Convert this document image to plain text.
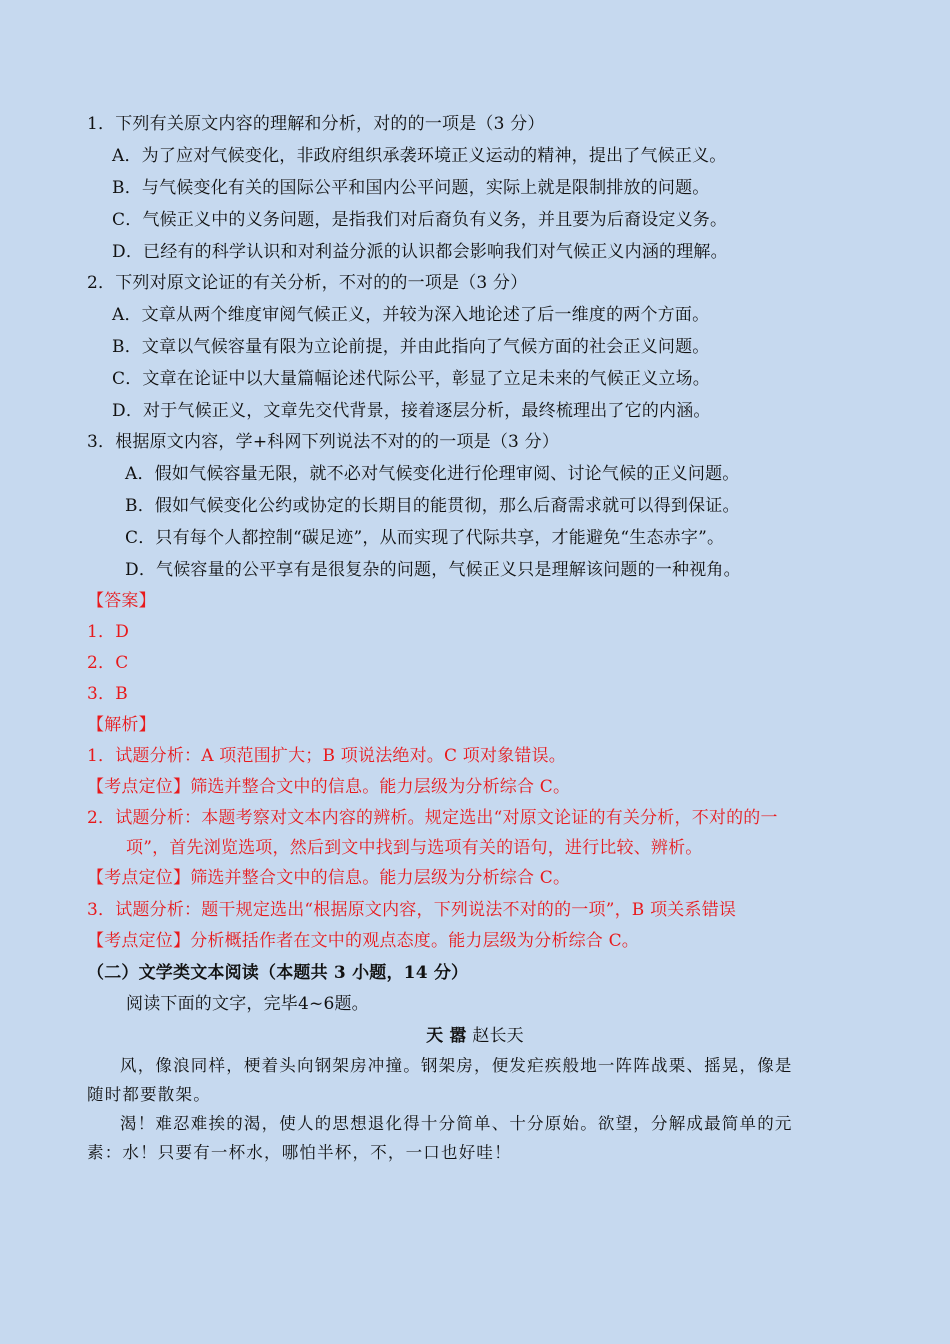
1．下列有关原文内容的理解和分析，对的的一项是（3 分）
A．为了应对气候变化，非政府组织承袭环境正义运动的精神，提出了气候正义。
B．与气候变化有关的国际公平和国内公平问题，实际上就是限制排放的问题。
C．气候正义中的义务问题，是指我们对后裔负有义务，并且要为后裔设定义务。
D．已经有的科学认识和对利益分派的认识都会影响我们对气候正义内涵的理解。
2．下列对原文论证的有关分析，不对的的一项是（3 分）
A．文章从两个维度审阅气候正义，并较为深入地论述了后一维度的两个方面。
B．文章以气候容量有限为立论前提，并由此指向了气候方面的社会正义问题。
C．文章在论证中以大量篇幅论述代际公平，彰显了立足未来的气候正义立场。
D．对于气候正义，文章先交代背景，接着逐层分析，最终梳理出了它的内涵。
3．根据原文内容，学+科网下列说法不对的的一项是（3 分）
A．假如气候容量无限，就不必对气候变化进行伦理审阅、讨论气候的正义问题。
B．假如气候变化公约或协定的长期目的能贯彻，那么后裔需求就可以得到保证。
C．只有每个人都控制“碳足迹”，从而实现了代际共享，才能避免“生态赤字”。
D．气候容量的公平享有是很复杂的问题，气候正义只是理解该问题的一种视角。
【答案】
1．D
2．C
3．B
【解析】
1．试题分析：A 项范围扩大；B 项说法绝对。C 项对象错误。
【考点定位】筛选并整合文中的信息。能力层级为分析综合 C。
2．试题分析：本题考察对文本内容的辨析。规定选出“对原文论证的有关分析，不对的的一
项”，首先浏览选项，然后到文中找到与选项有关的语句，进行比较、辨析。
【考点定位】筛选并整合文中的信息。能力层级为分析综合 C。
3．试题分析：题干规定选出“根据原文内容，下列说法不对的的一项”，B 项关系错误
【考点定位】分析概括作者在文中的观点态度。能力层级为分析综合 C。
（二）文学类文本阅读（本题共 3 小题，14 分）
阅读下面的文字，完毕4~6题。
天 嚣 赵长天
风，像浪同样，梗着头向钢架房冲撞。钢架房，便发疟疾般地一阵阵战栗、摇晃，像是
随时都要散架。
渴！难忍难挨的渴，使人的思想退化得十分简单、十分原始。欲望，分解成最简单的元
素：水！只要有一杯水，哪怕半杯，不，一口也好哇！
